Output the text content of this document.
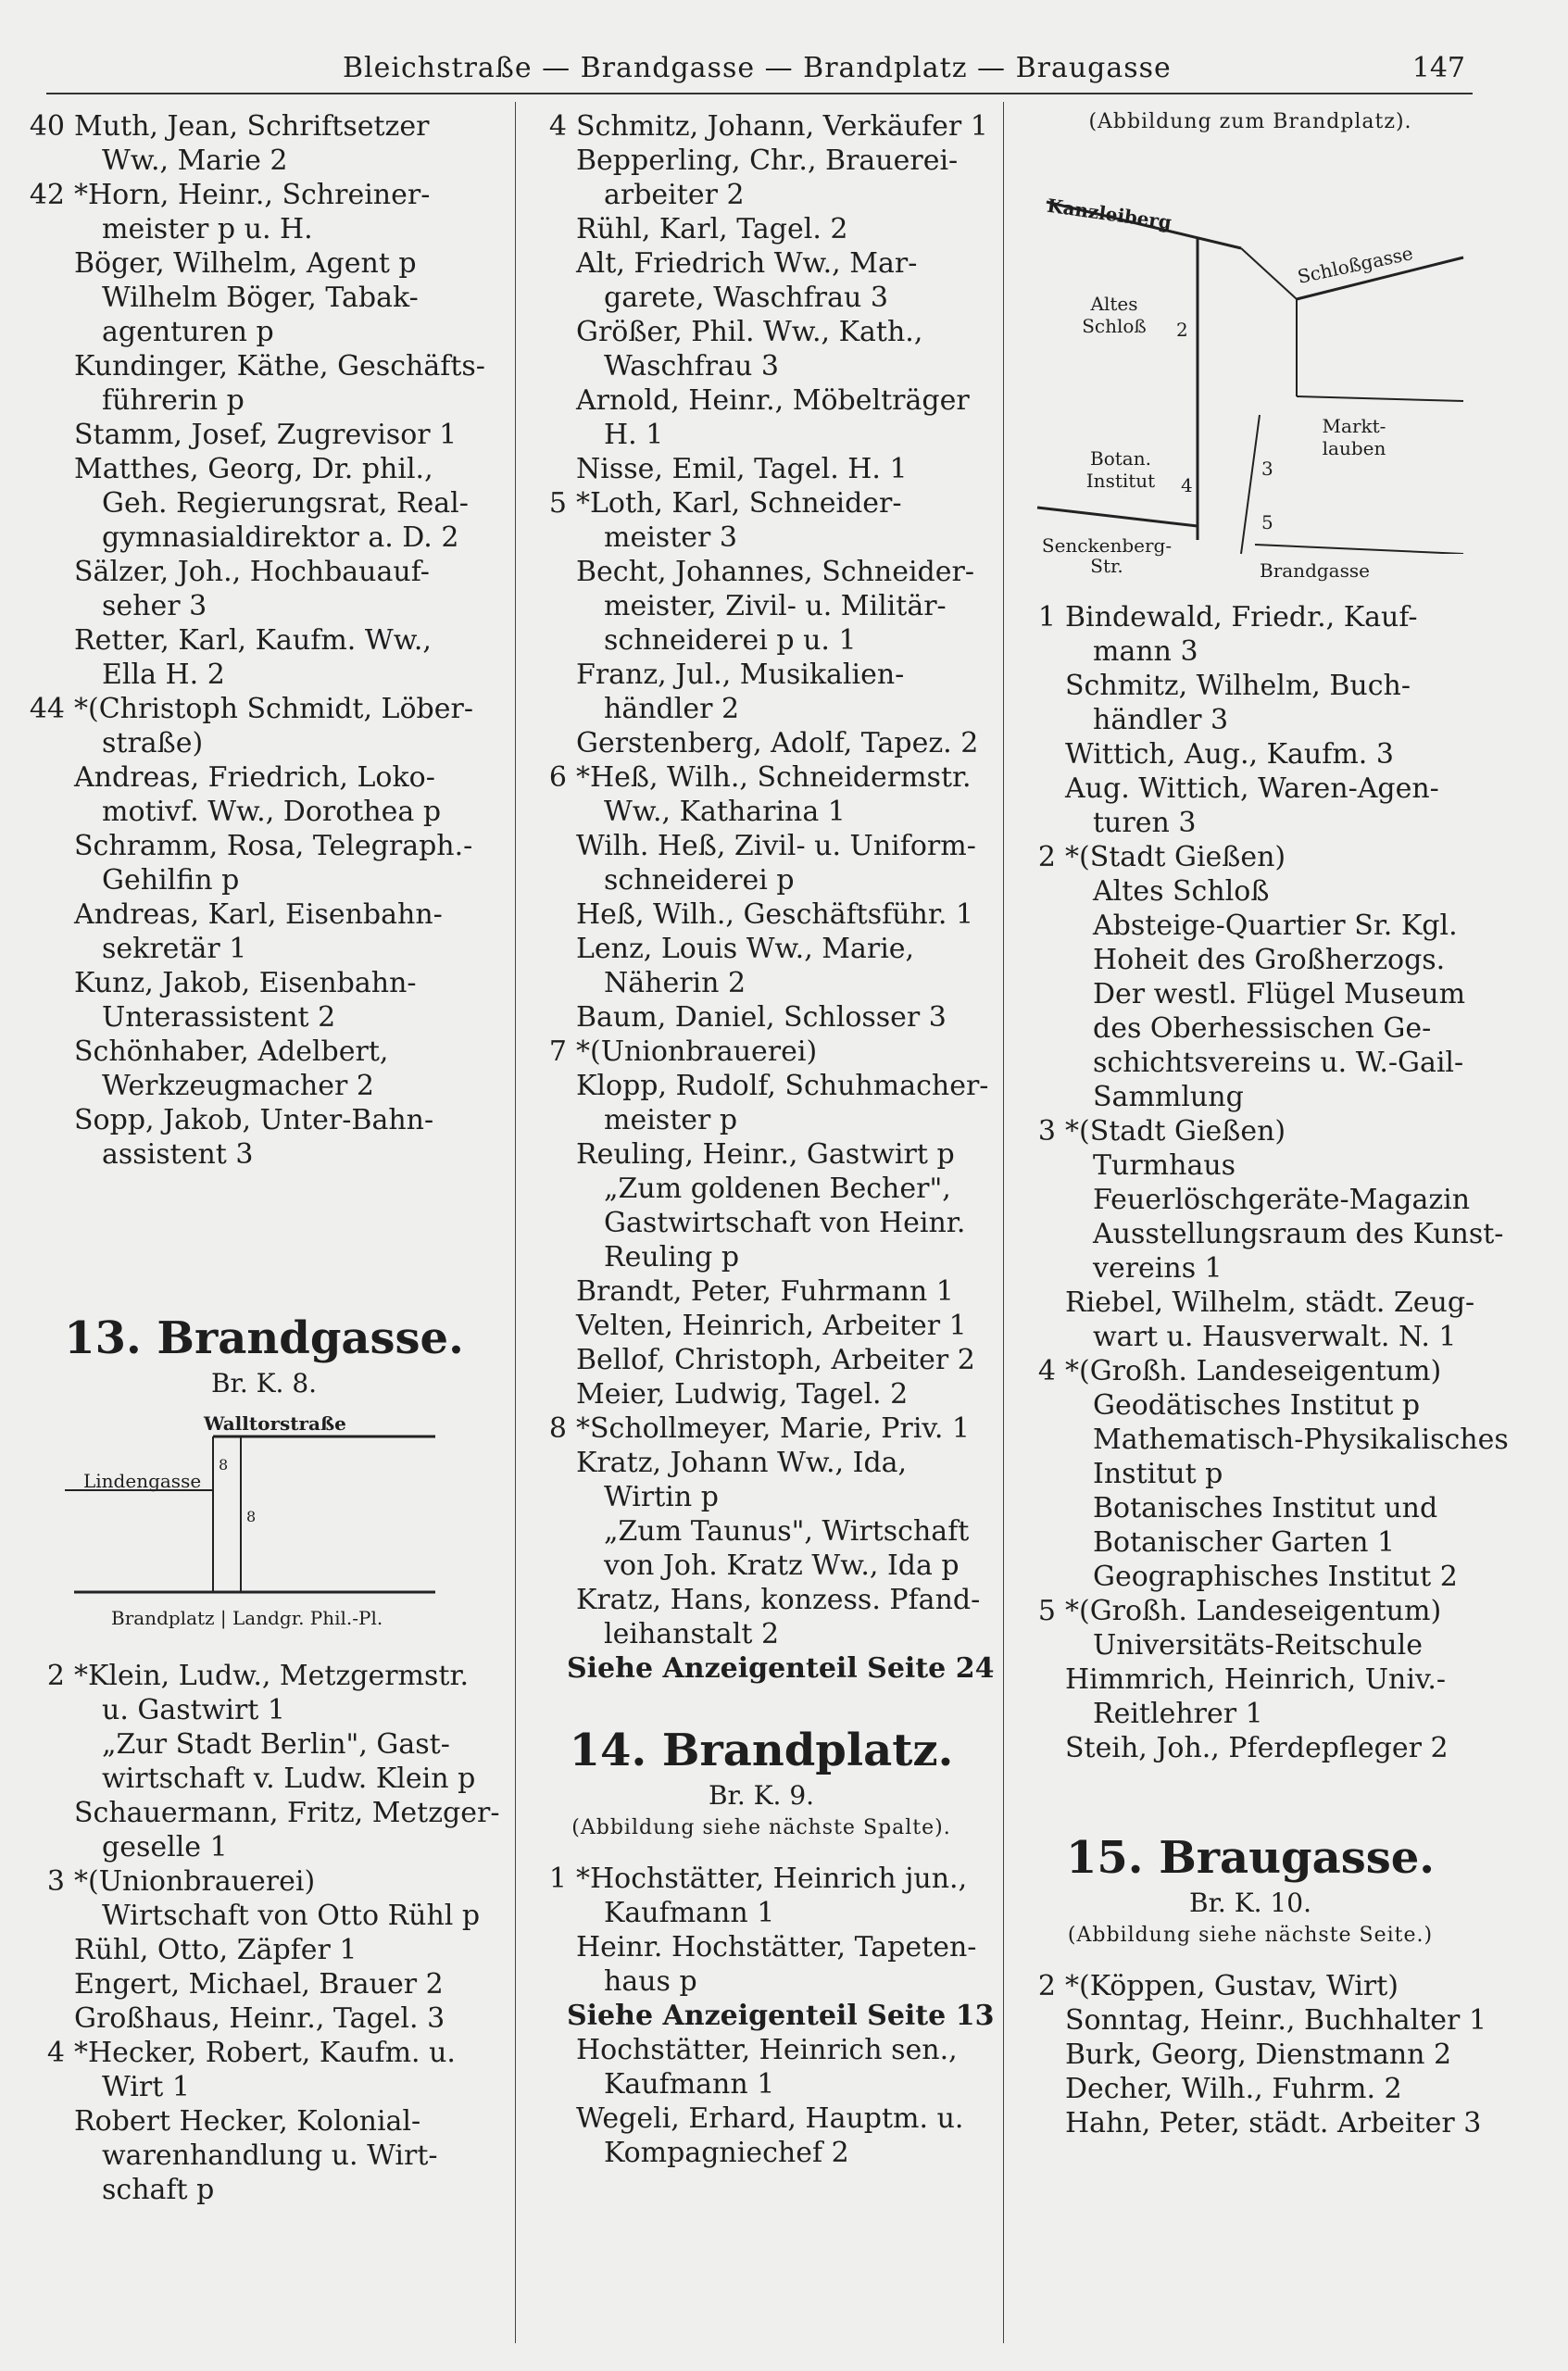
Bleichstraße — Brandgasse — Brandplatz — Braugasse	147
40 Muth, Jean, Schriftsetzer
Ww., Marie 2
42 *Horn, Heinr., Schreiner-
meister p u. H.
Böger, Wilhelm, Agent p
Wilhelm Böger, Tabak-
agenturen p
Kundinger, Käthe, Geschäfts-
führerin p
Stamm, Josef, Zugrevisor 1
Matthes, Georg, Dr. phil.,
Geh. Regierungsrat, Real-
gymnasialdirektor a. D. 2
Sälzer, Joh., Hochbauauf-
seher 3
Retter, Karl, Kaufm. Ww.,
Ella H. 2
44 *(Christoph Schmidt, Löber-
straße)
Andreas, Friedrich, Loko-
motivf. Ww., Dorothea p
Schramm, Rosa, Telegraph.-
Gehilfin p
Andreas, Karl, Eisenbahn-
sekretär 1
Kunz, Jakob, Eisenbahn-
Unterassistent 2
Schönhaber, Adelbert,
Werkzeugmacher 2
Sopp, Jakob, Unter-Bahn-
assistent 3
13. Brandgasse.
Br. K. 8.
Walltorstraße
Lindengasse
8
8
Brandplatz | Landgr. Phil.-Pl.
2 *Klein, Ludw., Metzgermstr.
u. Gastwirt 1
„Zur Stadt Berlin", Gast-
wirtschaft v. Ludw. Klein p
Schauermann, Fritz, Metzger-
geselle 1
3 *(Unionbrauerei)
Wirtschaft von Otto Rühl p
Rühl, Otto, Zäpfer 1
Engert, Michael, Brauer 2
Großhaus, Heinr., Tagel. 3
4 *Hecker, Robert, Kaufm. u.
Wirt 1
Robert Hecker, Kolonial-
warenhandlung u. Wirt-
schaft p
4 Schmitz, Johann, Verkäufer 1
Bepperling, Chr., Brauerei-
arbeiter 2
Rühl, Karl, Tagel. 2
Alt, Friedrich Ww., Mar-
garete, Waschfrau 3
Größer, Phil. Ww., Kath.,
Waschfrau 3
Arnold, Heinr., Möbelträger
H. 1
Nisse, Emil, Tagel. H. 1
5 *Loth, Karl, Schneider-
meister 3
Becht, Johannes, Schneider-
meister, Zivil- u. Militär-
schneiderei p u. 1
Franz, Jul., Musikalien-
händler 2
Gerstenberg, Adolf, Tapez. 2
6 *Heß, Wilh., Schneidermstr.
Ww., Katharina 1
Wilh. Heß, Zivil- u. Uniform-
schneiderei p
Heß, Wilh., Geschäftsführ. 1
Lenz, Louis Ww., Marie,
Näherin 2
Baum, Daniel, Schlosser 3
7 *(Unionbrauerei)
Klopp, Rudolf, Schuhmacher-
meister p
Reuling, Heinr., Gastwirt p
„Zum goldenen Becher",
Gastwirtschaft von Heinr.
Reuling p
Brandt, Peter, Fuhrmann 1
Velten, Heinrich, Arbeiter 1
Bellof, Christoph, Arbeiter 2
Meier, Ludwig, Tagel. 2
8 *Schollmeyer, Marie, Priv. 1
Kratz, Johann Ww., Ida,
Wirtin p
„Zum Taunus", Wirtschaft
von Joh. Kratz Ww., Ida p
Kratz, Hans, konzess. Pfand-
leihanstalt 2
Siehe Anzeigenteil Seite 24
14. Brandplatz.
Br. K. 9.
(Abbildung siehe nächste Spalte).
1 *Hochstätter, Heinrich jun.,
Kaufmann 1
Heinr. Hochstätter, Tapeten-
haus p
Siehe Anzeigenteil Seite 13
Hochstätter, Heinrich sen.,
Kaufmann 1
Wegeli, Erhard, Hauptm. u.
Kompagniechef 2
(Abbildung zum Brandplatz).
Kanzleiberg
Schloßgasse
Altes Schloß	2
Markt-lauben
Botan. Institut	4
3
5
Senckenberg-Str.	Brandgasse
1 Bindewald, Friedr., Kauf-
mann 3
Schmitz, Wilhelm, Buch-
händler 3
Wittich, Aug., Kaufm. 3
Aug. Wittich, Waren-Agen-
turen 3
2 *(Stadt Gießen)
Altes Schloß
Absteige-Quartier Sr. Kgl.
Hoheit des Großherzogs.
Der westl. Flügel Museum
des Oberhessischen Ge-
schichtsvereins u. W.-Gail-
Sammlung
3 *(Stadt Gießen)
Turmhaus
Feuerlöschgeräte-Magazin
Ausstellungsraum des Kunst-
vereins 1
Riebel, Wilhelm, städt. Zeug-
wart u. Hausverwalt. N. 1
4 *(Großh. Landeseigentum)
Geodätisches Institut p
Mathematisch-Physikalisches
Institut p
Botanisches Institut und
Botanischer Garten 1
Geographisches Institut 2
5 *(Großh. Landeseigentum)
Universitäts-Reitschule
Himmrich, Heinrich, Univ.-
Reitlehrer 1
Steih, Joh., Pferdepfleger 2
15. Braugasse.
Br. K. 10.
(Abbildung siehe nächste Seite.)
2 *(Köppen, Gustav, Wirt)
Sonntag, Heinr., Buchhalter 1
Burk, Georg, Dienstmann 2
Decher, Wilh., Fuhrm. 2
Hahn, Peter, städt. Arbeiter 3
